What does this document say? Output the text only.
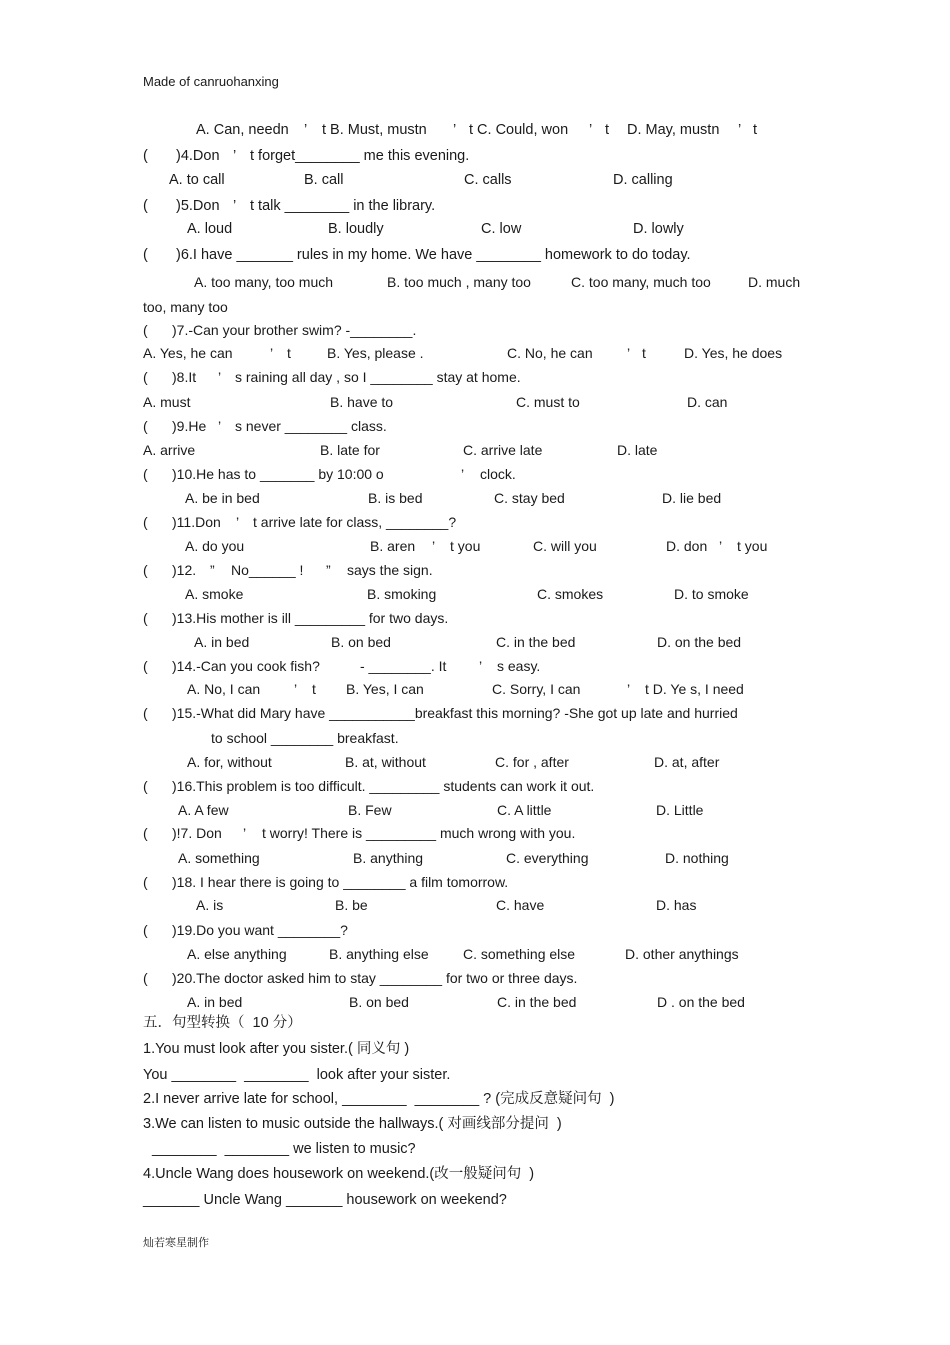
Made of canruohanxing
A. Can, needn ’ t B. Must, mustn ’ t C. Could, won ’ t D. May, mustn ’ t
( )4.Don ’ t forget________ me this evening.
A. to call	B. call	C. calls	D. calling
( )5.Don ’ t talk ________ in the library.
A. loud	B. loudly	C. low	D. lowly
( )6.I have _______ rules in my home. We have ________ homework to do today.
A. too many, too much	B. too much , many too	C. too many, much too	D. much
too, many too
( )7.-Can your brother swim? -________.
A. Yes, he can	’ t	B. Yes, please .	C. No, he can ’ t	D. Yes, he does
( )8.It ’ s raining all day , so I ________ stay at home.
A. must	B. have to	C. must to	D. can
( )9.He ’ s never ________ class.
A. arrive	B. late for	C. arrive late	D. late
( )10.He has to _______ by 10:00 o	’ clock.
A. be in bed	B. is bed	C. stay bed	D. lie bed
( )11.Don ’ t arrive late for class, ________?
A. do you	B. aren ’ t you	C. will you	D. don ’ t you
( )12. ” No______ ! ” says the sign.
A. smoke	B. smoking	C. smokes	D. to smoke
( )13.His mother is ill _________ for two days.
A. in bed	B. on bed	C. in the bed	D. on the bed
( )14.-Can you cook fish?	- ________. It ’ s easy.
A. No, I can ’ t B. Yes, I can	C. Sorry, I can	’ t D. Ye s, I need
( )15.-What did Mary have ___________breakfast this morning? -She got up late and hurried
to school ________ breakfast.
A. for, without	B. at, without	C. for , after	D. at, after
( )16.This problem is too difficult. _________ students can work it out.
A. A few	B. Few	C. A little	D. Little
( )!7. Don ’ t worry! There is _________ much wrong with you.
A. something	B. anything	C. everything	D. nothing
( )18. I hear there is going to ________ a film tomorrow.
A. is	B. be	C. have	D. has
( )19.Do you want ________?
A. else anything	B. anything else C. something else	D. other anythings
( )20.The doctor asked him to stay ________ for two or three days.
A. in bed	B. on bed	C. in the bed	D . on the bed
五．句型转换（  10 分）
1.You must look after you sister.( 同义句 )
You ________  ________  look after your sister.
2.I never arrive late for school, ________  ________ ? (完成反意疑问句  )
3.We can listen to music outside the hallways.( 对画线部分提问  )
________  ________ we listen to music?
4.Uncle Wang does housework on weekend.(改一般疑问句  )
_______ Uncle Wang _______ housework on weekend?
灿若寒星制作
